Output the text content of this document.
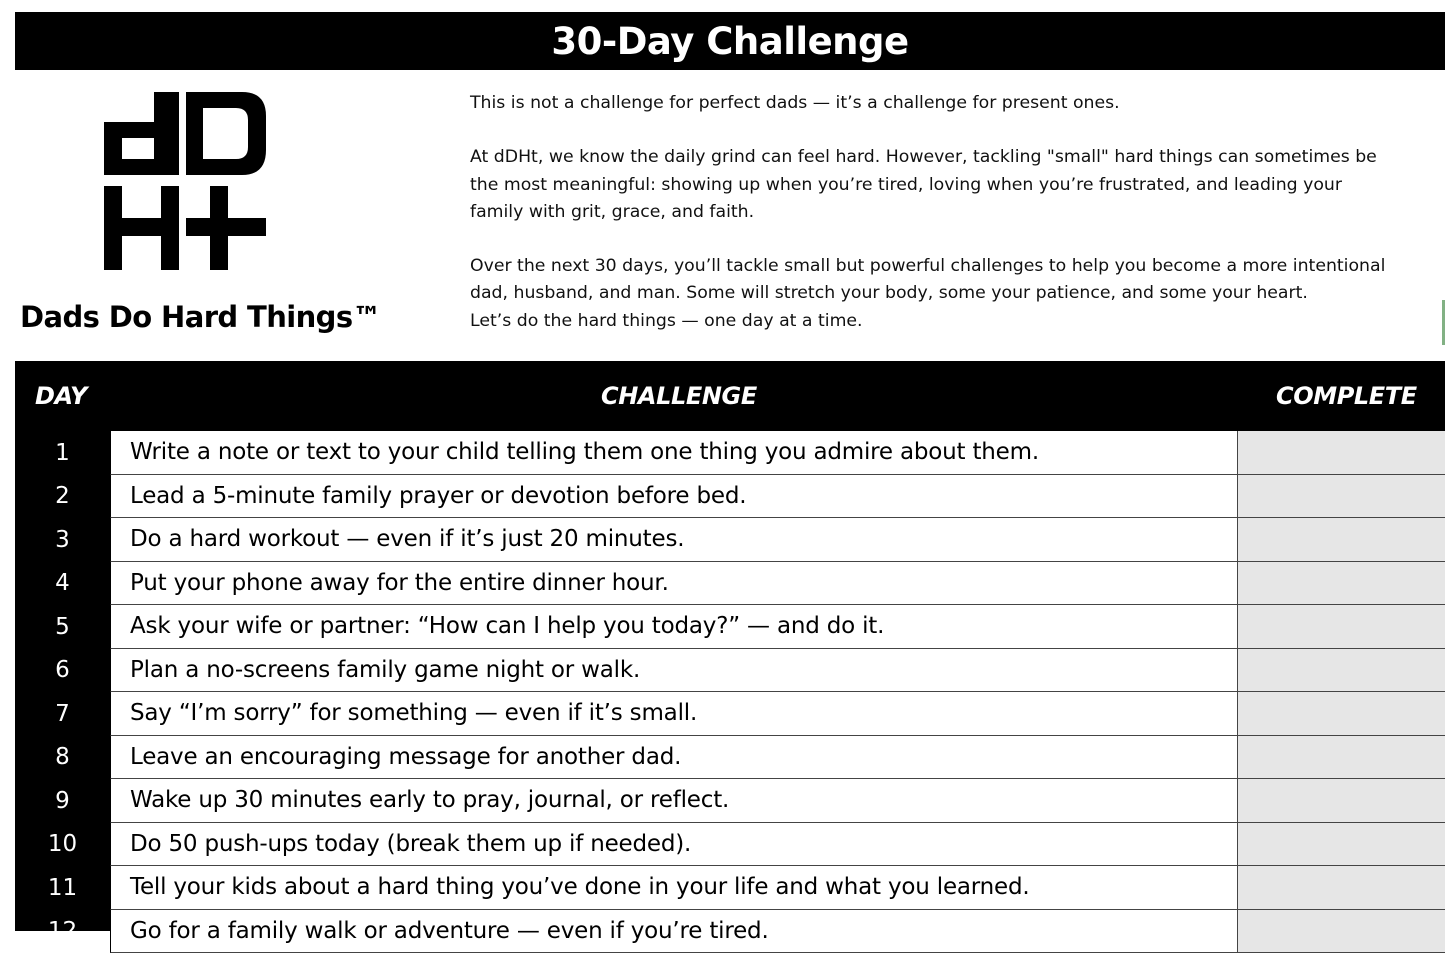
30-Day Challenge
Dads Do Hard Things™

This is not a challenge for perfect dads — it’s a challenge for present ones.

At dDHt, we know the daily grind can feel hard. However, tackling "small" hard things can sometimes be

the most meaningful: showing up when you’re tired, loving when you’re frustrated, and leading your

family with grit, grace, and faith.

Over the next 30 days, you’ll tackle small but powerful challenges to help you become a more intentional

dad, husband, and man. Some will stretch your body, some your patience, and some your heart.

Let’s do the hard things — one day at a time.

DAY	CHALLENGE	COMPLETE
1	Write a note or text to your child telling them one thing you admire about them.
2	Lead a 5-minute family prayer or devotion before bed.
3	Do a hard workout — even if it’s just 20 minutes.
4	Put your phone away for the entire dinner hour.
5	Ask your wife or partner: “How can I help you today?” — and do it.
6	Plan a no-screens family game night or walk.
7	Say “I’m sorry” for something — even if it’s small.
8	Leave an encouraging message for another dad.
9	Wake up 30 minutes early to pray, journal, or reflect.
10	Do 50 push-ups today (break them up if needed).
11	Tell your kids about a hard thing you’ve done in your life and what you learned.
12	Go for a family walk or adventure — even if you’re tired.
